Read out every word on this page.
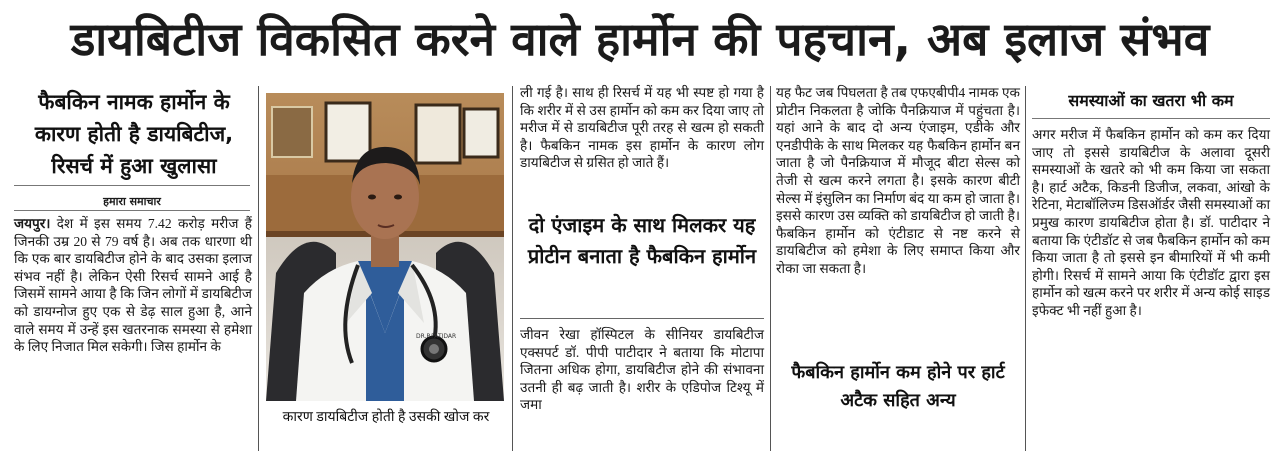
डायबिटीज विकसित करने वाले हार्मोन की पहचान, अब इलाज संभव
फैबकिन नामक हार्मोन के कारण होती है डायबिटीज, रिसर्च में हुआ खुलासा
हमारा समाचार
जयपुर। देश में इस समय 7.42 करोड़ मरीज हैं जिनकी उम्र 20 से 79 वर्ष है। अब तक धारणा थी कि एक बार डायबिटीज होने के बाद उसका इलाज संभव नहीं है। लेकिन ऐसी रिसर्च सामने आई है जिसमें सामने आया है कि जिन लोगों में डायबिटीज को डायग्नोज हुए एक से डेढ़ साल हुआ है, आने वाले समय में उन्हें इस खतरनाक समस्या से हमेशा के लिए निजात मिल सकेगी। जिस हार्मोन के
DR.P.PATIDAR
कारण डायबिटीज होती है उसकी खोज कर
ली गई है। साथ ही रिसर्च में यह भी स्पष्ट हो गया है कि शरीर में से उस हार्मोन को कम कर दिया जाए तो मरीज में से डायबिटीज पूरी तरह से खत्म हो सकती है। फैबकिन नामक इस हार्मोन के कारण लोग डायबिटीज से ग्रसित हो जाते हैं।
दो एंजाइम के साथ मिलकर यह प्रोटीन बनाता है फैबकिन हार्मोन
जीवन रेखा हॉस्पिटल के सीनियर डायबिटीज एक्सपर्ट डॉ. पीपी पाटीदार ने बताया कि मोटापा जितना अधिक होगा, डायबिटीज होने की संभावना उतनी ही बढ़ जाती है। शरीर के एडिपोज टिश्यू में जमा
यह फैट जब पिघलता है तब एफएबीपी4 नामक एक प्रोटीन निकलता है जोकि पैनक्रियाज में पहुंचता है। यहां आने के बाद दो अन्य एंजाइम, एडीके और एनडीपीके के साथ मिलकर यह फैबकिन हार्मोन बन जाता है जो पैनक्रियाज में मौजूद बीटा सेल्स को तेजी से खत्म करने लगता है। इसके कारण बीटी सेल्स में इंसुलिन का निर्माण बंद या कम हो जाता है। इससे कारण उस व्यक्ति को डायबिटीज हो जाती है। फैबकिन हार्मोन को एंटीडाट से नष्ट करने से डायबिटीज को हमेशा के लिए समाप्त किया और रोका जा सकता है।
फैबकिन हार्मोन कम होने पर हार्ट अटैक सहित अन्य
समस्याओं का खतरा भी कम
अगर मरीज में फैबकिन हार्मोन को कम कर दिया जाए तो इससे डायबिटीज के अलावा दूसरी समस्याओं के खतरे को भी कम किया जा सकता है। हार्ट अटैक, किडनी डिजीज, लकवा, आंखो के रेटिना, मेटाबॉलिज्म डिसऑर्डर जैसी समस्याओं का प्रमुख कारण डायबिटीज होता है। डॉ. पाटीदार ने बताया कि एंटीडॉट से जब फैबकिन हार्मोन को कम किया जाता है तो इससे इन बीमारियों में भी कमी होगी। रिसर्च में सामने आया कि एंटीडॉट द्वारा इस हार्मोन को खत्म करने पर शरीर में अन्य कोई साइड इफेक्ट भी नहीं हुआ है।
